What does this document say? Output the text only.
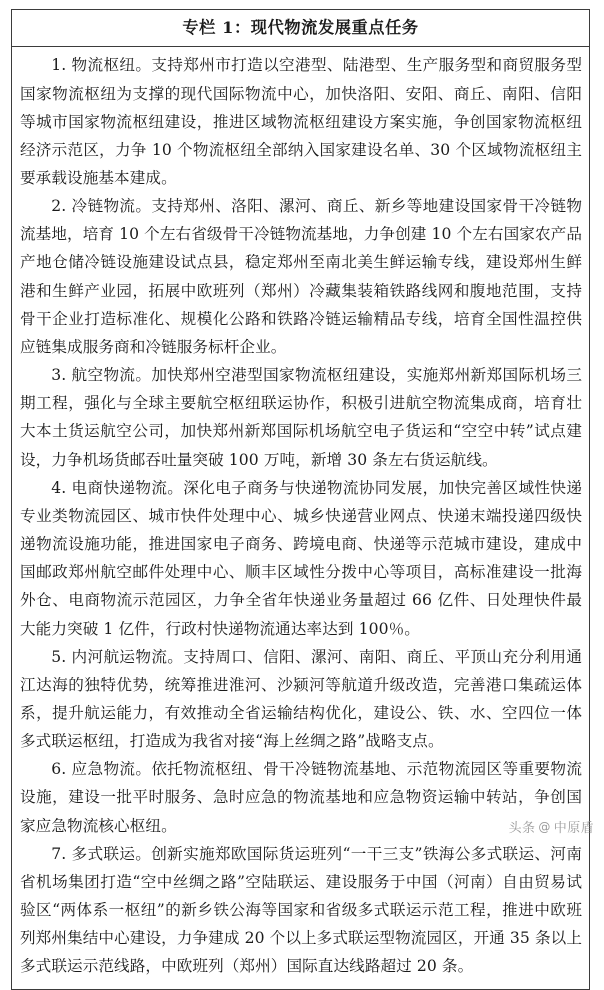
专栏 1：现代物流发展重点任务

1. 物流枢纽。支持郑州市打造以空港型、陆港型、生产服务型和商贸服务型国家物流枢纽为支撑的现代国际物流中心，加快洛阳、安阳、商丘、南阳、信阳等城市国家物流枢纽建设，推进区域物流枢纽建设方案实施，争创国家物流枢纽经济示范区，力争 10 个物流枢纽全部纳入国家建设名单、30 个区域物流枢纽主要承载设施基本建成。

2. 冷链物流。支持郑州、洛阳、漯河、商丘、新乡等地建设国家骨干冷链物流基地，培育 10 个左右省级骨干冷链物流基地，力争创建 10 个左右国家农产品产地仓储冷链设施建设试点县，稳定郑州至南北美生鲜运输专线，建设郑州生鲜港和生鲜产业园，拓展中欧班列（郑州）冷藏集装箱铁路线网和腹地范围，支持骨干企业打造标准化、规模化公路和铁路冷链运输精品专线，培育全国性温控供应链集成服务商和冷链服务标杆企业。

3. 航空物流。加快郑州空港型国家物流枢纽建设，实施郑州新郑国际机场三期工程，强化与全球主要航空枢纽联运协作，积极引进航空物流集成商，培育壮大本土货运航空公司，加快郑州新郑国际机场航空电子货运和“空空中转”试点建设，力争机场货邮吞吐量突破 100 万吨，新增 30 条左右货运航线。

4. 电商快递物流。深化电子商务与快递物流协同发展，加快完善区域性快递专业类物流园区、城市快件处理中心、城乡快递营业网点、快递末端投递四级快递物流设施功能，推进国家电子商务、跨境电商、快递等示范城市建设，建成中国邮政郑州航空邮件处理中心、顺丰区域性分拨中心等项目，高标准建设一批海外仓、电商物流示范园区，力争全省年快递业务量超过 66 亿件、日处理快件最大能力突破 1 亿件，行政村快递物流通达率达到 100％。

5. 内河航运物流。支持周口、信阳、漯河、南阳、商丘、平顶山充分利用通江达海的独特优势，统筹推进淮河、沙颍河等航道升级改造，完善港口集疏运体系，提升航运能力，有效推动全省运输结构优化，建设公、铁、水、空四位一体多式联运枢纽，打造成为我省对接“海上丝绸之路”战略支点。

6. 应急物流。依托物流枢纽、骨干冷链物流基地、示范物流园区等重要物流设施，建设一批平时服务、急时应急的物流基地和应急物资运输中转站，争创国家应急物流核心枢纽。

7. 多式联运。创新实施郑欧国际货运班列“一干三支”铁海公多式联运、河南省机场集团打造“空中丝绸之路”空陆联运、建设服务于中国（河南）自由贸易试验区“两体系一枢纽”的新乡铁公海等国家和省级多式联运示范工程，推进中欧班列郑州集结中心建设，力争建成 20 个以上多式联运型物流园区，开通 35 条以上多式联运示范线路，中欧班列（郑州）国际直达线路超过 20 条。

头条 @ 中原盾
